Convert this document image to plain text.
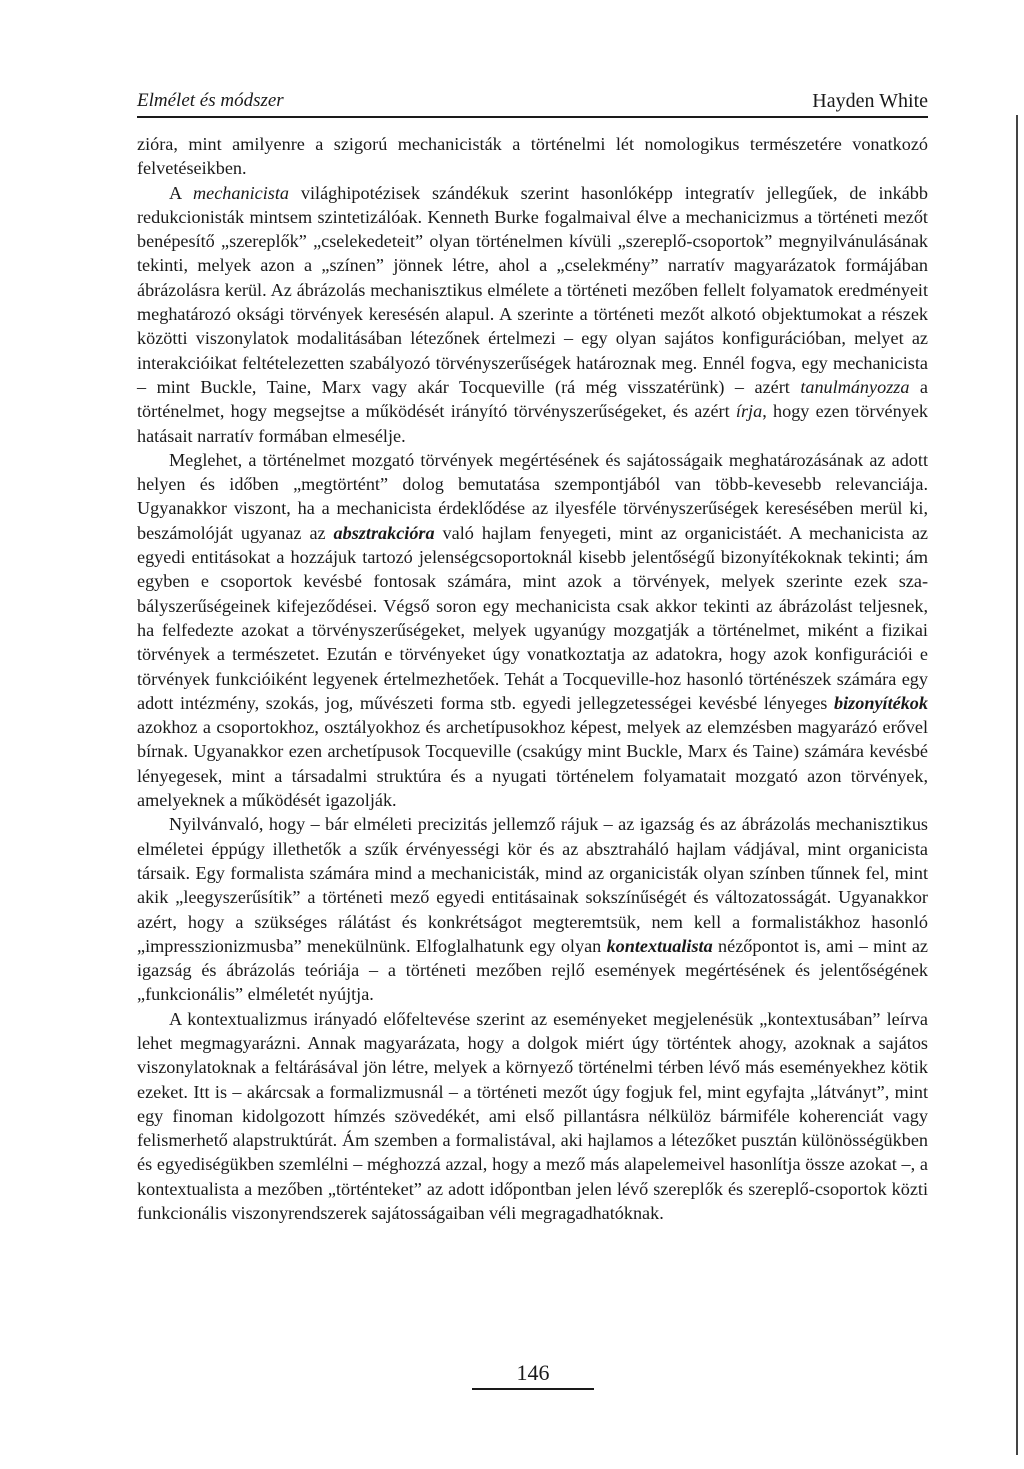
Elmélet és módszer	Hayden White

zióra, mint amilyenre a szigorú mechanicisták a történelmi lét nomologikus természetére vonatkozó felvetéseikben.

A mechanicista világhipotézisek szándékuk szerint hasonlóképp integratív jellegűek, de inkább redukcionisták mintsem szintetizálóak. Kenneth Burke fogalmaival élve a mechanicizmus a történeti mezőt benépesítő „szereplők” „cselekedeteit” olyan történelmen kívüli „szereplő-csoportok” megnyilvánulásának tekinti, melyek azon a „színen” jönnek létre, ahol a „cselekmény” narratív magyarázatok formájában ábrázolásra kerül. Az ábrázolás mechanisztikus elmélete a történeti mezőben fellelt folyamatok eredményeit meghatározó oksági törvények keresésén alapul. A szerinte a történeti mezőt alkotó objektumokat a részek közötti viszonylatok modalitásában létezőnek értelmezi – egy olyan sajátos konfigurációban, melyet az interakcióikat feltételezetten szabályozó törvényszerűségek határoznak meg. Ennél fogva, egy mechanicista – mint Buckle, Taine, Marx vagy akár Tocqueville (rá még visszatérünk) – azért tanulmányozza a történelmet, hogy megsejtse a működését irányító törvényszerűségeket, és azért írja, hogy ezen törvények hatásait narratív formában elmesélje.

Meglehet, a történelmet mozgató törvények megértésének és sajátosságaik meghatározásának az adott helyen és időben „megtörtént” dolog bemutatása szempontjából van több-kevesebb relevanciája. Ugyanakkor viszont, ha a mechanicista érdeklődése az ilyesféle törvényszerűségek keresésében merül ki, beszámolóját ugyanaz az absztrakcióra való hajlam fenyegeti, mint az organicistáét. A mechanicista az egyedi entitásokat a hozzájuk tartozó jelenségcsoportoknál kisebb jelentőségű bizonyítékoknak tekinti; ám egyben e csoportok kevésbé fontosak számára, mint azok a törvények, melyek szerinte ezek szabályszerűségeinek kifejeződései. Végső soron egy mechanicista csak akkor tekinti az ábrázolást teljesnek, ha felfedezte azokat a törvényszerűségeket, melyek ugyanúgy mozgatják a történelmet, miként a fizikai törvények a természetet. Ezután e törvényeket úgy vonatkoztatja az adatokra, hogy azok konfigurációi e törvények funkcióiként legyenek értelmezhetőek. Tehát a Tocqueville-hoz hasonló történészek számára egy adott intézmény, szokás, jog, művészeti forma stb. egyedi jellegzetességei kevésbé lényeges bizonyítékok azokhoz a csoportokhoz, osztályokhoz és archetípusokhoz képest, melyek az elemzésben magyarázó erővel bírnak. Ugyanakkor ezen archetípusok Tocqueville (csakúgy mint Buckle, Marx és Taine) számára kevésbé lényegesek, mint a társadalmi struktúra és a nyugati történelem folyamatait mozgató azon törvények, amelyeknek a működését igazolják.

Nyilvánvaló, hogy – bár elméleti precizitás jellemző rájuk – az igazság és az ábrázolás mechanisztikus elméletei éppúgy illethetők a szűk érvényességi kör és az absztraháló hajlam vádjával, mint organicista társaik. Egy formalista számára mind a mechanicisták, mind az organicisták olyan színben tűnnek fel, mint akik „leegyszerűsítik” a történeti mező egyedi entitásainak sokszínűségét és változatosságát. Ugyanakkor azért, hogy a szükséges rálátást és konkrétságot megteremtsük, nem kell a formalistákhoz hasonló „impresszionizmusba” menekülnünk. Elfoglalhatunk egy olyan kontextualista nézőpontot is, ami – mint az igazság és ábrázolás teóriája – a történeti mezőben rejlő események megértésének és jelentőségének „funkcionális” elméletét nyújtja.

A kontextualizmus irányadó előfeltevése szerint az eseményeket megjelenésük „kontextusában” leírva lehet megmagyarázni. Annak magyarázata, hogy a dolgok miért úgy történtek ahogy, azoknak a sajátos viszonylatoknak a feltárásával jön létre, melyek a környező történelmi térben lévő más eseményekhez kötik ezeket. Itt is – akárcsak a formalizmusnál – a történeti mezőt úgy fogjuk fel, mint egyfajta „látványt”, mint egy finoman kidolgozott hímzés szövedékét, ami első pillantásra nélkülöz bármiféle koherenciát vagy felismerhető alapstruktúrát. Ám szemben a formalistával, aki hajlamos a létezőket pusztán különösségükben és egyediségükben szemlélni – méghozzá azzal, hogy a mező más alapelemeivel hasonlítja össze azokat –, a kontextualista a mezőben „történteket” az adott időpontban jelen lévő szereplők és szereplő-csoportok közti funkcionális viszonyrendszerek sajátosságaiban véli megragadhatóknak.

146
